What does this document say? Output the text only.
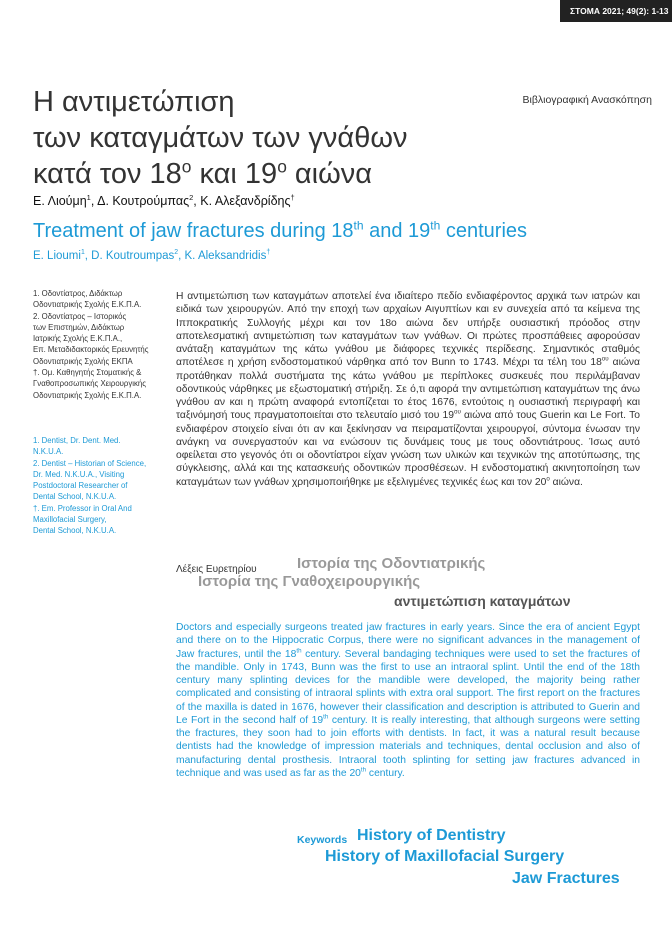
ΣΤΟΜΑ 2021; 49(2): 1-13
Βιβλιογραφική Ανασκόπηση
Η αντιμετώπιση
των καταγμάτων των γνάθων
κατά τον $18^o$ και $19^o$ αιώνα
Ε. Λιούμη$^1$, Δ. Κουτρούμπας$^2$, Κ. Αλεξανδρίδης†
Treatment of jaw fractures during 18th and 19th centuries
E. Lioumi$^1$, D. Koutroumpas$^2$, K. Aleksandridis†
1. Οδοντίατρος, Διδάκτωρ
Οδοντιατρικής Σχολής Ε.Κ.Π.Α.
2. Οδοντίατρος – Ιστορικός
των Επιστημών, Διδάκτωρ
Ιατρικής Σχολής Ε.Κ.Π.Α.,
Επ. Μεταδιδακτορικός Ερευνητής
Οδοντιατρικής Σχολής ΕΚΠΑ
†. Ομ. Καθηγητής Στοματικής &
Γναθοπροσωπικής Χειρουργικής
Οδοντιατρικής Σχολής Ε.Κ.Π.Α.
1. Dentist, Dr. Dent. Med.
N.K.U.A.
2. Dentist – Historian of Science,
Dr. Med. N.K.U.A., Visiting
Postdoctoral Researcher of
Dental School, N.K.U.A.
†. Em. Professor in Oral And
Maxillofacial Surgery,
Dental School, N.K.U.A.

Η αντιμετώπιση των καταγμάτων αποτελεί ένα ιδιαίτερο πεδίο ενδιαφέροντος αρχικά των ιατρών και ειδικά των χειρουργών. Από την εποχή των αρχαίων Αιγυπτίων και εν συνεχεία από τα κείμενα της Ιπποκρατικής Συλλογής μέχρι και τον 18ο αιώνα δεν υπήρξε ουσιαστική πρόοδος στην αποτελεσματική αντιμετώπιση των καταγμάτων των γνάθων. Οι πρώτες προσπάθειες αφορούσαν ανάταξη καταγμάτων της κάτω γνάθου με διάφορες τεχνικές περίδεσης. Σημαντικός σταθμός αποτέλεσε η χρήση ενδοστοματικού νάρθηκα από τον Bunn το 1743. Μέχρι τα τέλη του $18^{o\upsilon}$ αιώνα προτάθηκαν πολλά συστήματα της κάτω γνάθου με περίπλοκες συσκευές που περιλάμβαναν οδοντικούς νάρθηκες με εξωστοματική στήριξη. Σε ό,τι αφορά την αντιμετώπιση καταγμάτων της άνω γνάθου αν και η πρώτη αναφορά εντοπίζεται το έτος 1676, εντούτοις η ουσιαστική περιγραφή και ταξινόμησή τους πραγματοποιείται στο τελευταίο μισό του $19^{o\upsilon}$ αιώνα από τους Guerin και Le Fort. Το ενδιαφέρον στοιχείο είναι ότι αν και ξεκίνησαν να πειραματίζονται χειρουργοί, σύντομα ένωσαν την ανάγκη να συνεργαστούν και να ενώσουν τις δυνάμεις τους με τους οδοντιάτρους. Ίσως αυτό οφείλεται στο γεγονός ότι οι οδοντίατροι είχαν γνώση των υλικών και τεχνικών της αποτύπωσης, της σύγκλεισης, αλλά και της κατασκευής οδοντικών προσθέσεων. Η ενδοστοματική ακινητοποίηση των καταγμάτων των γνάθων χρησιμοποιήθηκε με εξελιγμένες τεχνικές έως και τον $20^o$ αιώνα.

Λέξεις Ευρετηρίου	Ιστορία της Οδοντιατρικής
Ιστορία της Γναθοχειρουργικής
αντιμετώπιση καταγμάτων

Doctors and especially surgeons treated jaw fractures in early years. Since the era of ancient Egypt and there on to the Hippocratic Corpus, there were no significant advances in the management of Jaw fractures, until the 18th century. Several bandaging techniques were used to set the fractures of the mandible. Only in 1743, Bunn was the first to use an intraoral splint. Until the end of the 18th century many splinting devices for the mandible were developed, the majority being rather complicated and consisting of intraoral splints with extra oral support. The first report on the fractures of the maxilla is dated in 1676, however their classification and description is attributed to Guerin and Le Fort in the second half of 19th century. It is really interesting, that although surgeons were setting the fractures, they soon had to join efforts with dentists. In fact, it was a natural result because dentists had the knowledge of impression materials and techniques, dental occlusion and also of manufacturing dental prosthesis. Intraoral tooth splinting for setting jaw fractures advanced in technique and was used as far as the 20th century.

Keywords History of Dentistry
History of Maxillofacial Surgery
Jaw Fractures
